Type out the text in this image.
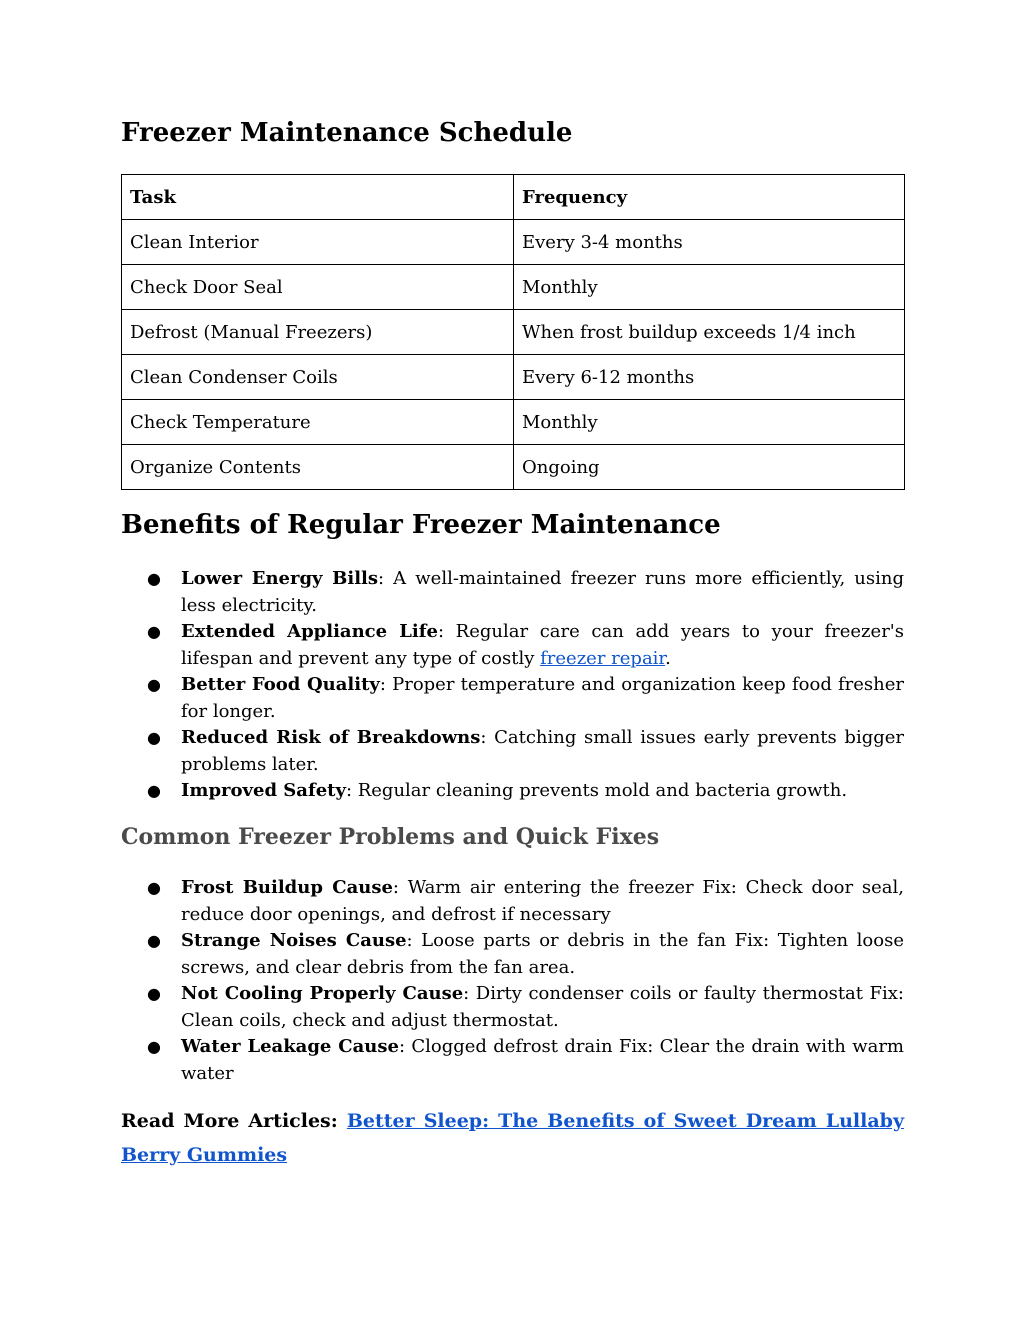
Freezer Maintenance Schedule
Task	Frequency
Clean Interior	Every 3-4 months
Check Door Seal	Monthly
Defrost (Manual Freezers)	When frost buildup exceeds 1/4 inch
Clean Condenser Coils	Every 6-12 months
Check Temperature	Monthly
Organize Contents	Ongoing
Benefits of Regular Freezer Maintenance
● Lower Energy Bills: A well-maintained freezer runs more efficiently, using less electricity.
● Extended Appliance Life: Regular care can add years to your freezer's lifespan and prevent any type of costly freezer repair.
● Better Food Quality: Proper temperature and organization keep food fresher for longer.
● Reduced Risk of Breakdowns: Catching small issues early prevents bigger problems later.
● Improved Safety: Regular cleaning prevents mold and bacteria growth.
Common Freezer Problems and Quick Fixes
● Frost Buildup Cause: Warm air entering the freezer Fix: Check door seal, reduce door openings, and defrost if necessary
● Strange Noises Cause: Loose parts or debris in the fan Fix: Tighten loose screws, and clear debris from the fan area.
● Not Cooling Properly Cause: Dirty condenser coils or faulty thermostat Fix: Clean coils, check and adjust thermostat.
● Water Leakage Cause: Clogged defrost drain Fix: Clear the drain with warm water
Read More Articles: Better Sleep: The Benefits of Sweet Dream Lullaby Berry Gummies
